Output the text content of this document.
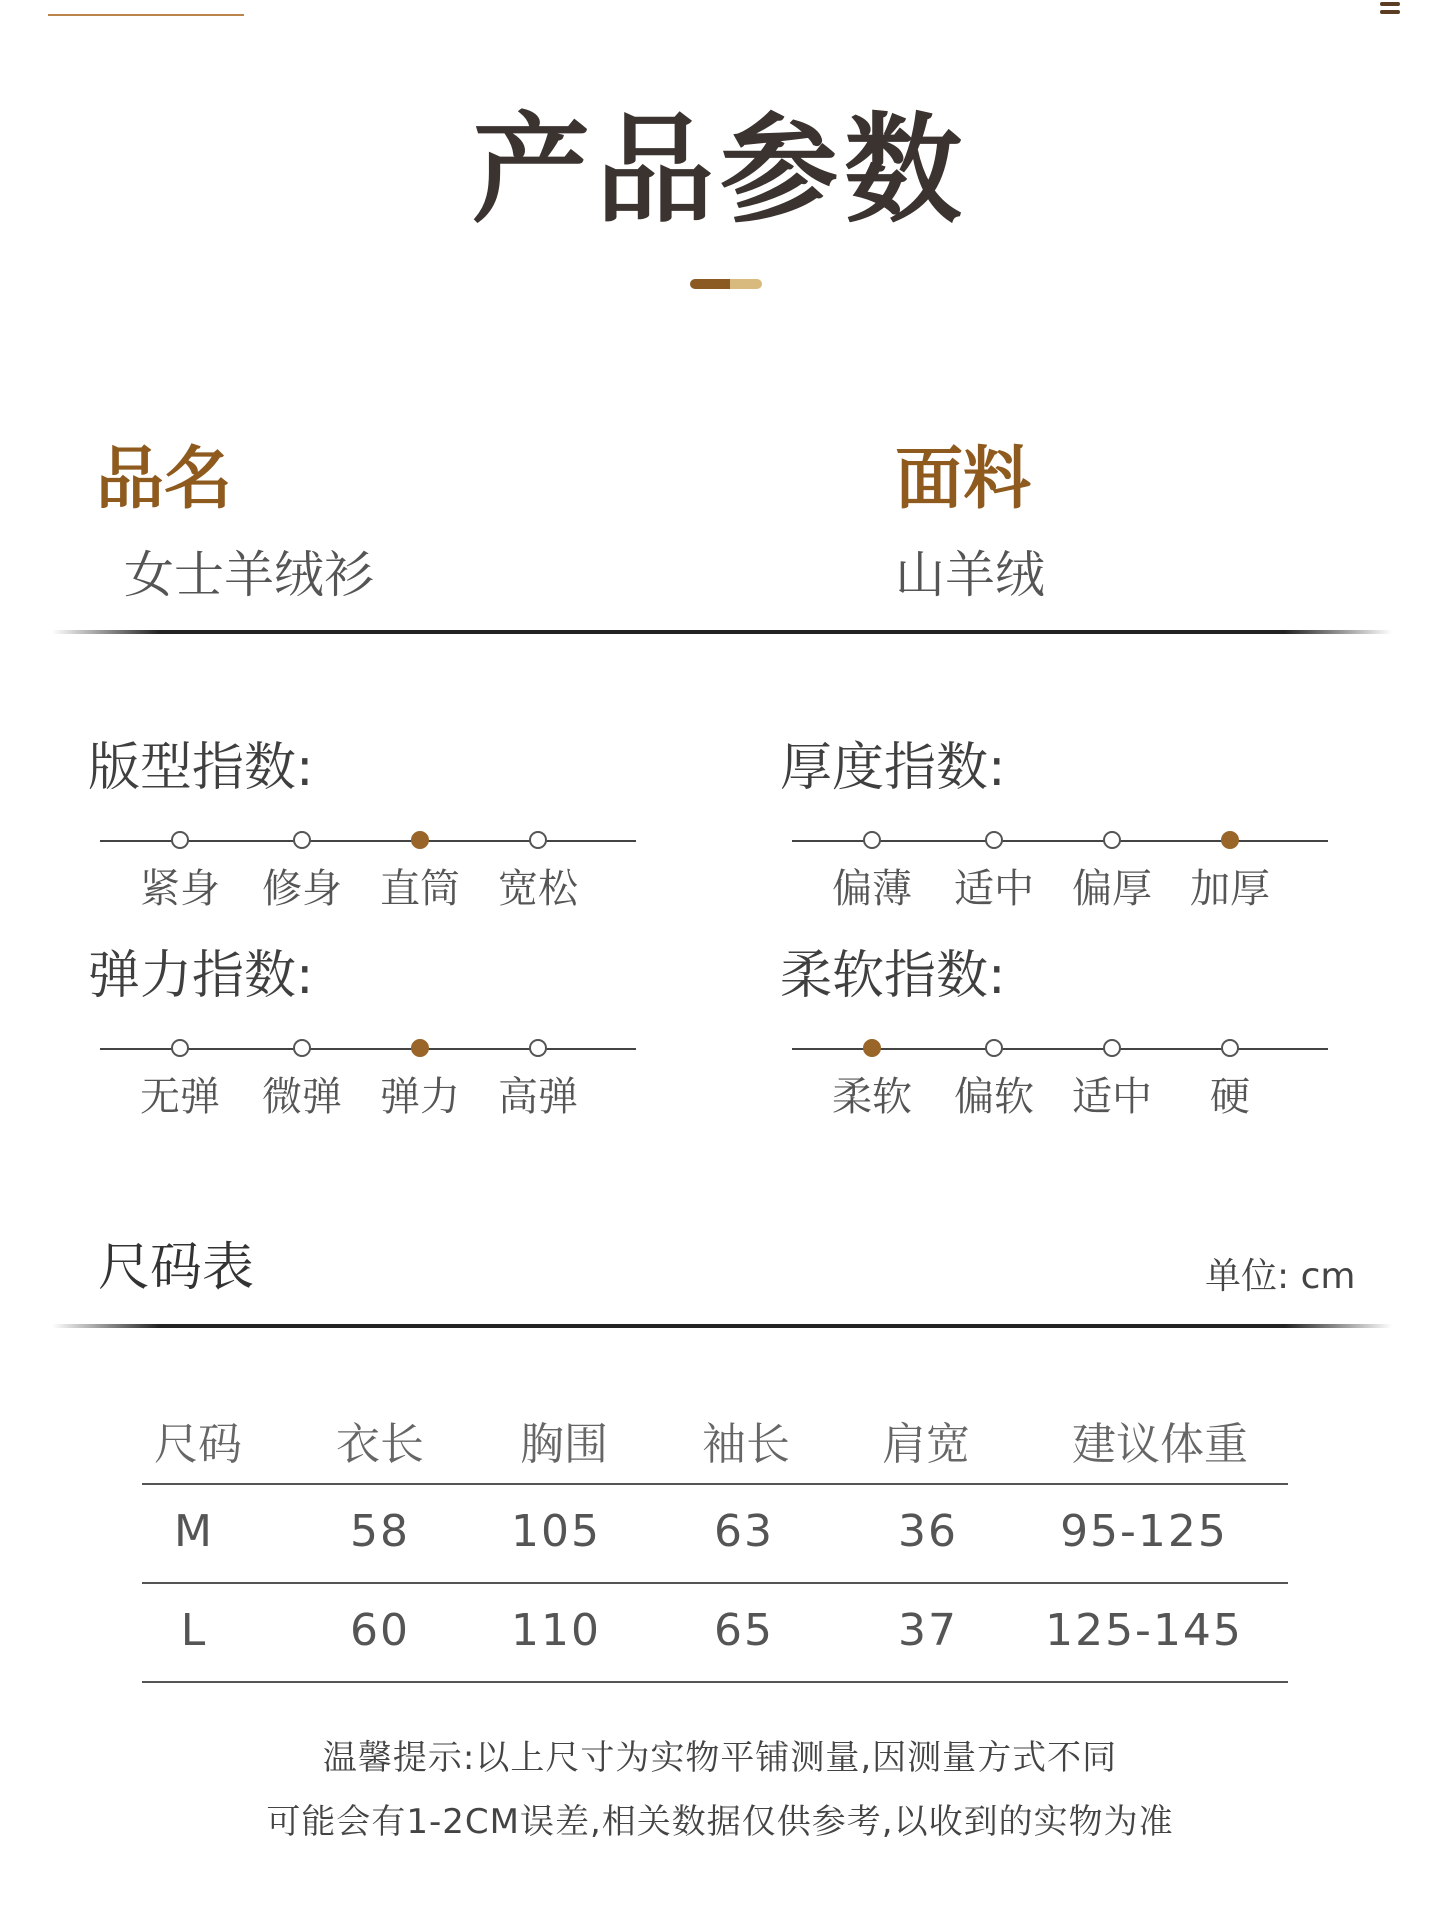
产品参数
品名
女士羊绒衫
面料
山羊绒
版型指数:
紧身	修身 直筒 宽松
厚度指数:
偏薄	适中 偏厚 加厚
弹力指数:
无弹	微弹 弹力 高弹
柔软指数:
柔软	偏软 适中	硬
尺码表	单位: cm
尺码	衣长	胸围	袖长	肩宽	建议体重
M	58	105	63	36	95-125
L	60	110	65	37	125-145
温馨提示:以上尺寸为实物平铺测量,因测量方式不同
可能会有1-2CM误差,相关数据仅供参考,以收到的实物为准
